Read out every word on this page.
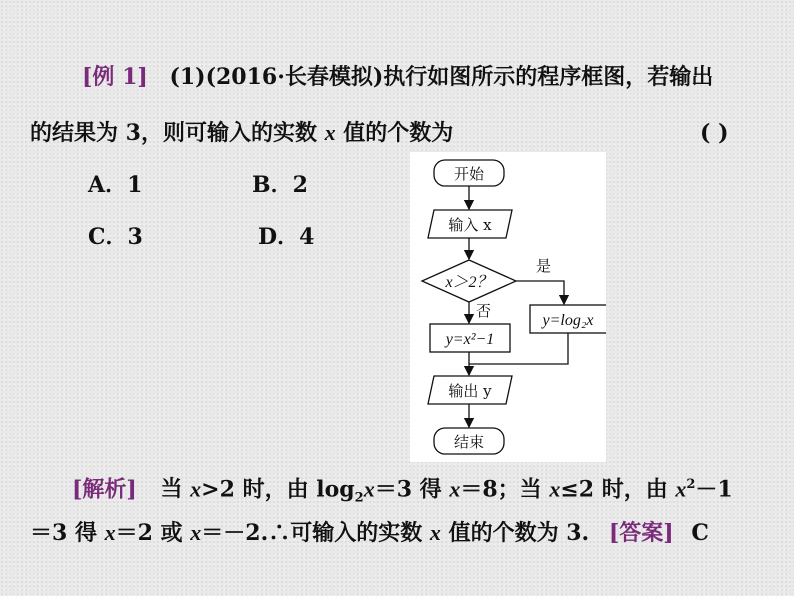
[例 1] (1)(2016·长春模拟)执行如图所示的程序框图，若输出
的结果为 3，则可输入的实数 x 值的个数为	( )
A．1	B．2
C．3	D．4
开始
输入 x
x＞2？
是
y=log₂x
否
y=x²−1
输出 y
结束
[解析] 当 x>2 时，由 $\log_2x=3$ 得 x＝8；当 x≤2 时，由 $x^2-1$
＝3 得 x＝2 或 x＝－2.∴可输入的实数 x 值的个数为 3. [答案] C
